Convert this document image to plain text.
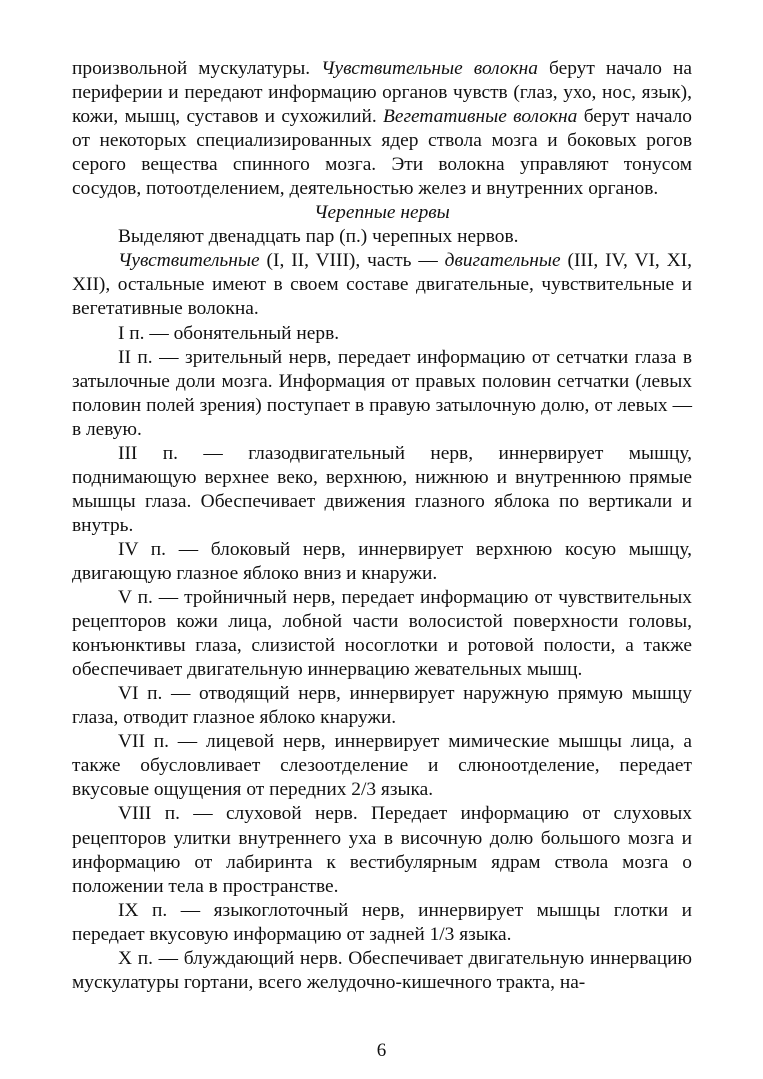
произвольной мускулатуры. Чувствительные волокна берут начало на периферии и передают информацию органов чувств (глаз, ухо, нос, язык), кожи, мышц, суставов и сухожилий. Вегетативные волокна берут начало от некоторых специализированных ядер ствола мозга и боковых рогов серого вещества спинного мозга. Эти волокна управляют тонусом сосудов, потоотделением, деятельностью желез и внутренних органов.

Черепные нервы

Выделяют двенадцать пар (п.) черепных нервов.

Чувствительные (I, II, VIII), часть — двигательные (III, IV, VI, XI, XII), остальные имеют в своем составе двигательные, чувствительные и вегетативные волокна.

I п. — обонятельный нерв.

II п. — зрительный нерв, передает информацию от сетчатки глаза в затылочные доли мозга. Информация от правых половин сетчатки (левых половин полей зрения) поступает в правую затылочную долю, от левых — в левую.

III п. — глазодвигательный нерв, иннервирует мышцу, поднимающую верхнее веко, верхнюю, нижнюю и внутреннюю прямые мышцы глаза. Обеспечивает движения глазного яблока по вертикали и внутрь.

IV п. — блоковый нерв, иннервирует верхнюю косую мышцу, двигающую глазное яблоко вниз и кнаружи.

V п. — тройничный нерв, передает информацию от чувствительных рецепторов кожи лица, лобной части волосистой поверхности головы, конъюнктивы глаза, слизистой носоглотки и ротовой полости, а также обеспечивает двигательную иннервацию жевательных мышц.

VI п. — отводящий нерв, иннервирует наружную прямую мышцу глаза, отводит глазное яблоко кнаружи.

VII п. — лицевой нерв, иннервирует мимические мышцы лица, а также обусловливает слезоотделение и слюноотделение, передает вкусовые ощущения от передних 2/3 языка.

VIII п. — слуховой нерв. Передает информацию от слуховых рецепторов улитки внутреннего уха в височную долю большого мозга и информацию от лабиринта к вестибулярным ядрам ствола мозга о положении тела в пространстве.

IX п. — языкоглоточный нерв, иннервирует мышцы глотки и передает вкусовую информацию от задней 1/3 языка.

X п. — блуждающий нерв. Обеспечивает двигательную иннервацию мускулатуры гортани, всего желудочно-кишечного тракта, на-

6
